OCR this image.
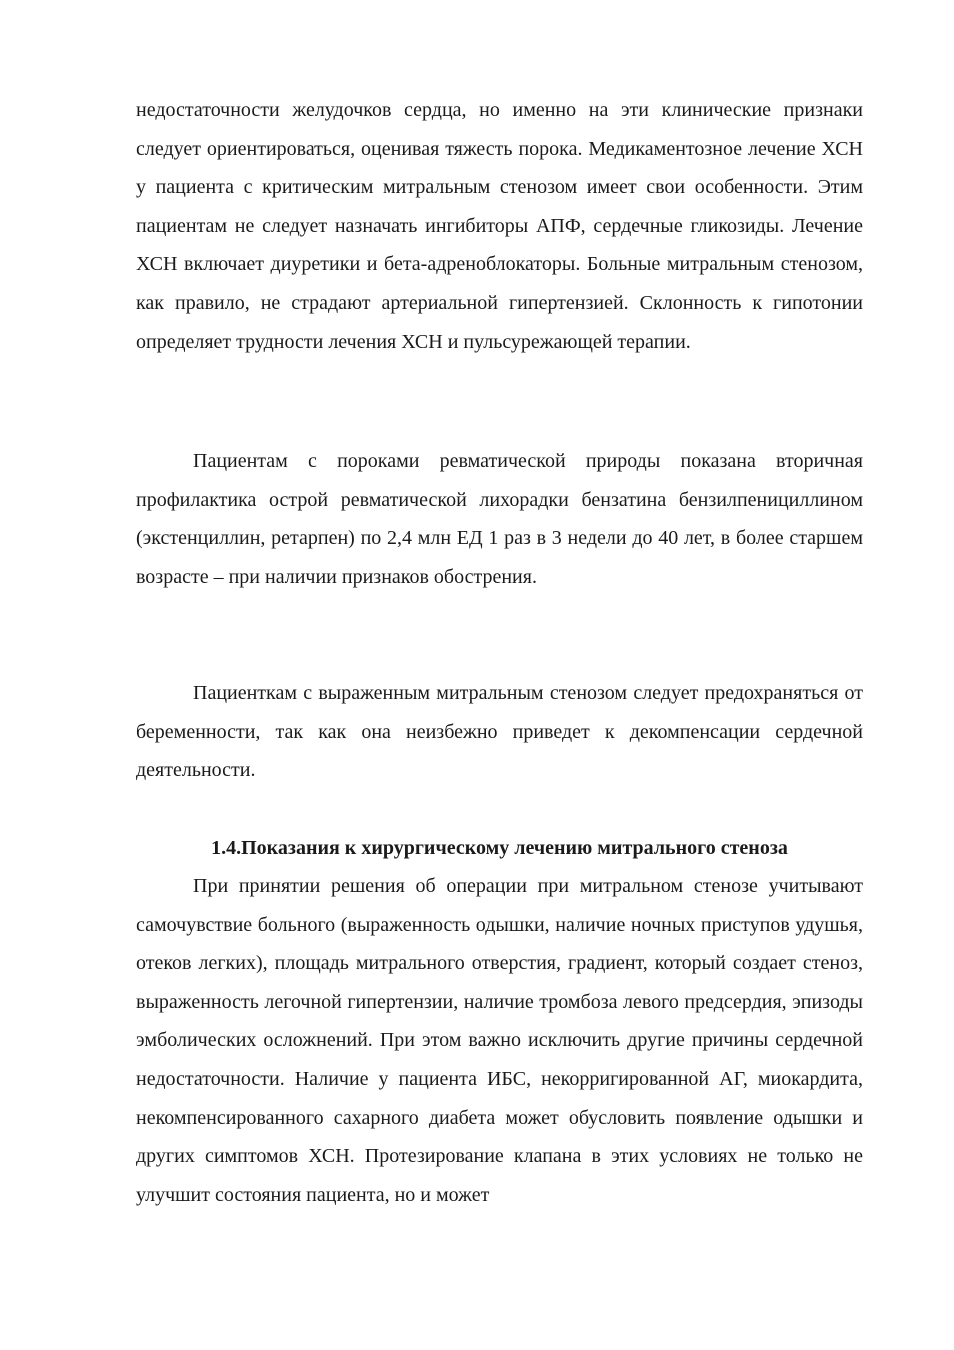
недостаточности желудочков сердца, но именно на эти клинические признаки следует ориентироваться, оценивая тяжесть порока. Медикаментозное лечение ХСН у пациента с критическим митральным стенозом имеет свои особенности. Этим пациентам не следует назначать ингибиторы АПФ, сердечные гликозиды. Лечение ХСН включает диуретики и бета-адреноблокаторы. Больные митральным стенозом, как правило, не страдают артериальной гипертензией. Склонность к гипотонии определяет трудности лечения ХСН и пульсурежающей терапии.

Пациентам с пороками ревматической природы показана вторичная профилактика острой ревматической лихорадки бензатина бензилпенициллином (экстенциллин, ретарпен) по 2,4 млн ЕД 1 раз в 3 недели до 40 лет, в более старшем возрасте – при наличии признаков обострения.

Пациенткам с выраженным митральным стенозом следует предохраняться от беременности, так как она неизбежно приведет к декомпенсации сердечной деятельности.

1.4.Показания к хирургическому лечению митрального стеноза

При принятии решения об операции при митральном стенозе учитывают самочувствие больного (выраженность одышки, наличие ночных приступов удушья, отеков легких), площадь митрального отверстия, градиент, который создает стеноз, выраженность легочной гипертензии, наличие тромбоза левого предсердия, эпизоды эмболических осложнений. При этом важно исключить другие причины сердечной недостаточности. Наличие у пациента ИБС, некорригированной АГ, миокардита, некомпенсированного сахарного диабета может обусловить появление одышки и других симптомов ХСН. Протезирование клапана в этих условиях не только не улучшит состояния пациента, но и может
